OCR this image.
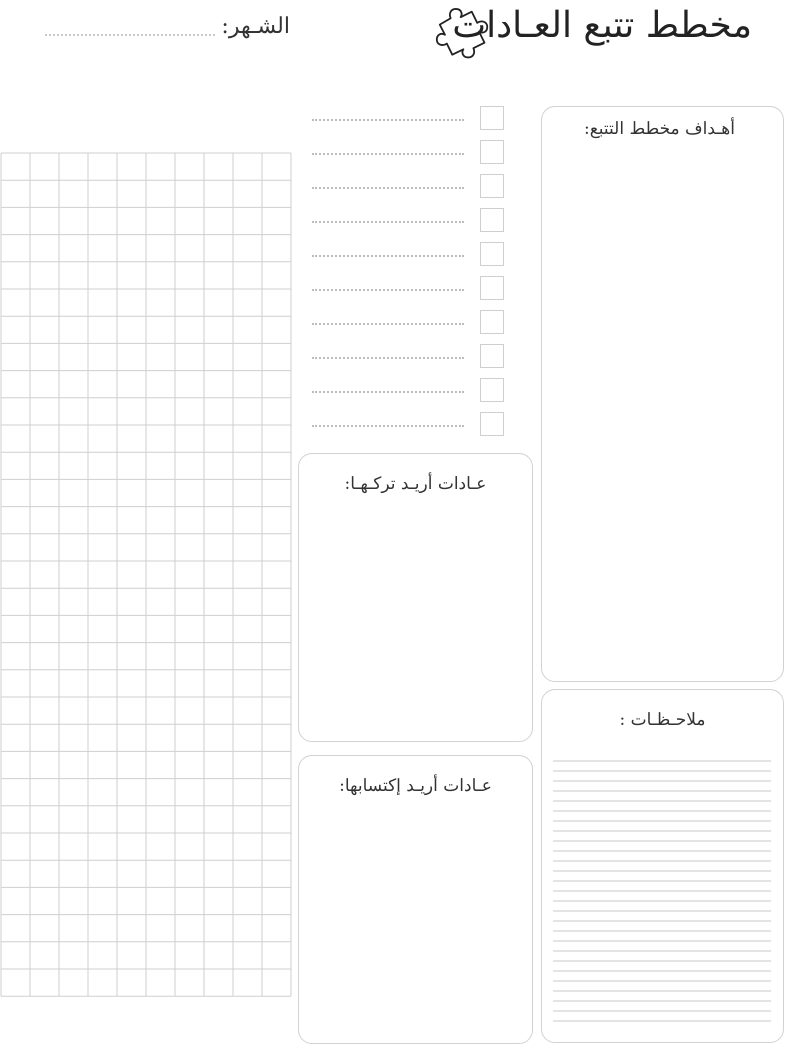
مخطط تتبع العـادات
الشـهر:
أهـداف مخطط التتبع:
ملاحـظـات :
عـادات أريـد تركـهـا:
عـادات أريـد إكتسابها:
